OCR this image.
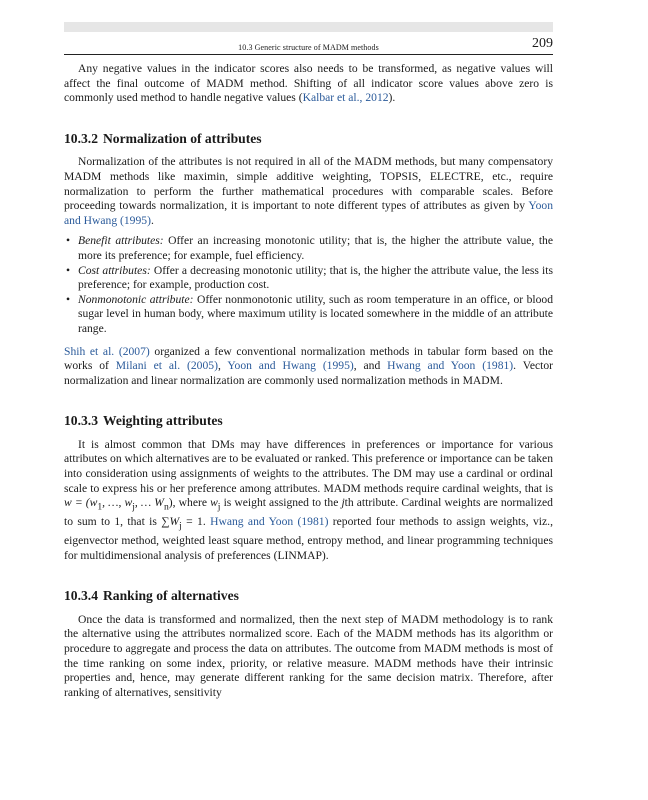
10.3 Generic structure of MADM methods	209

Any negative values in the indicator scores also needs to be transformed, as negative values will affect the final outcome of MADM method. Shifting of all indicator score values above zero is commonly used method to handle negative values (Kalbar et al., 2012).

10.3.2 Normalization of attributes

Normalization of the attributes is not required in all of the MADM methods, but many compensatory MADM methods like maximin, simple additive weighting, TOPSIS, ELECTRE, etc., require normalization to perform the further mathematical procedures with comparable scales. Before proceeding towards normalization, it is important to note different types of attributes as given by Yoon and Hwang (1995).

• Benefit attributes: Offer an increasing monotonic utility; that is, the higher the attribute value, the more its preference; for example, fuel efficiency.
• Cost attributes: Offer a decreasing monotonic utility; that is, the higher the attribute value, the less its preference; for example, production cost.
• Nonmonotonic attribute: Offer nonmonotonic utility, such as room temperature in an office, or blood sugar level in human body, where maximum utility is located somewhere in the middle of an attribute range.

Shih et al. (2007) organized a few conventional normalization methods in tabular form based on the works of Milani et al. (2005), Yoon and Hwang (1995), and Hwang and Yoon (1981). Vector normalization and linear normalization are commonly used normalization methods in MADM.

10.3.3 Weighting attributes

It is almost common that DMs may have differences in preferences or importance for various attributes on which alternatives are to be evaluated or ranked. This preference or importance can be taken into consideration using assignments of weights to the attributes. The DM may use a cardinal or ordinal scale to express his or her preference among attributes. MADM methods require cardinal weights, that is $w = (w_1$, …, $w_j$, … $W_n$), where $w_j$ is weight assigned to the jth attribute. Cardinal weights are normalized to sum to 1, that is $\sum W_j = 1$. Hwang and Yoon (1981) reported four methods to assign weights, viz., eigenvector method, weighted least square method, entropy method, and linear programming techniques for multidimensional analysis of preferences (LINMAP).

10.3.4 Ranking of alternatives

Once the data is transformed and normalized, then the next step of MADM methodology is to rank the alternative using the attributes normalized score. Each of the MADM methods has its algorithm or procedure to aggregate and process the data on attributes. The outcome from MADM methods is most of the time ranking on some index, priority, or relative measure. MADM methods have their intrinsic properties and, hence, may generate different ranking for the same decision matrix. Therefore, after ranking of alternatives, sensitivity
